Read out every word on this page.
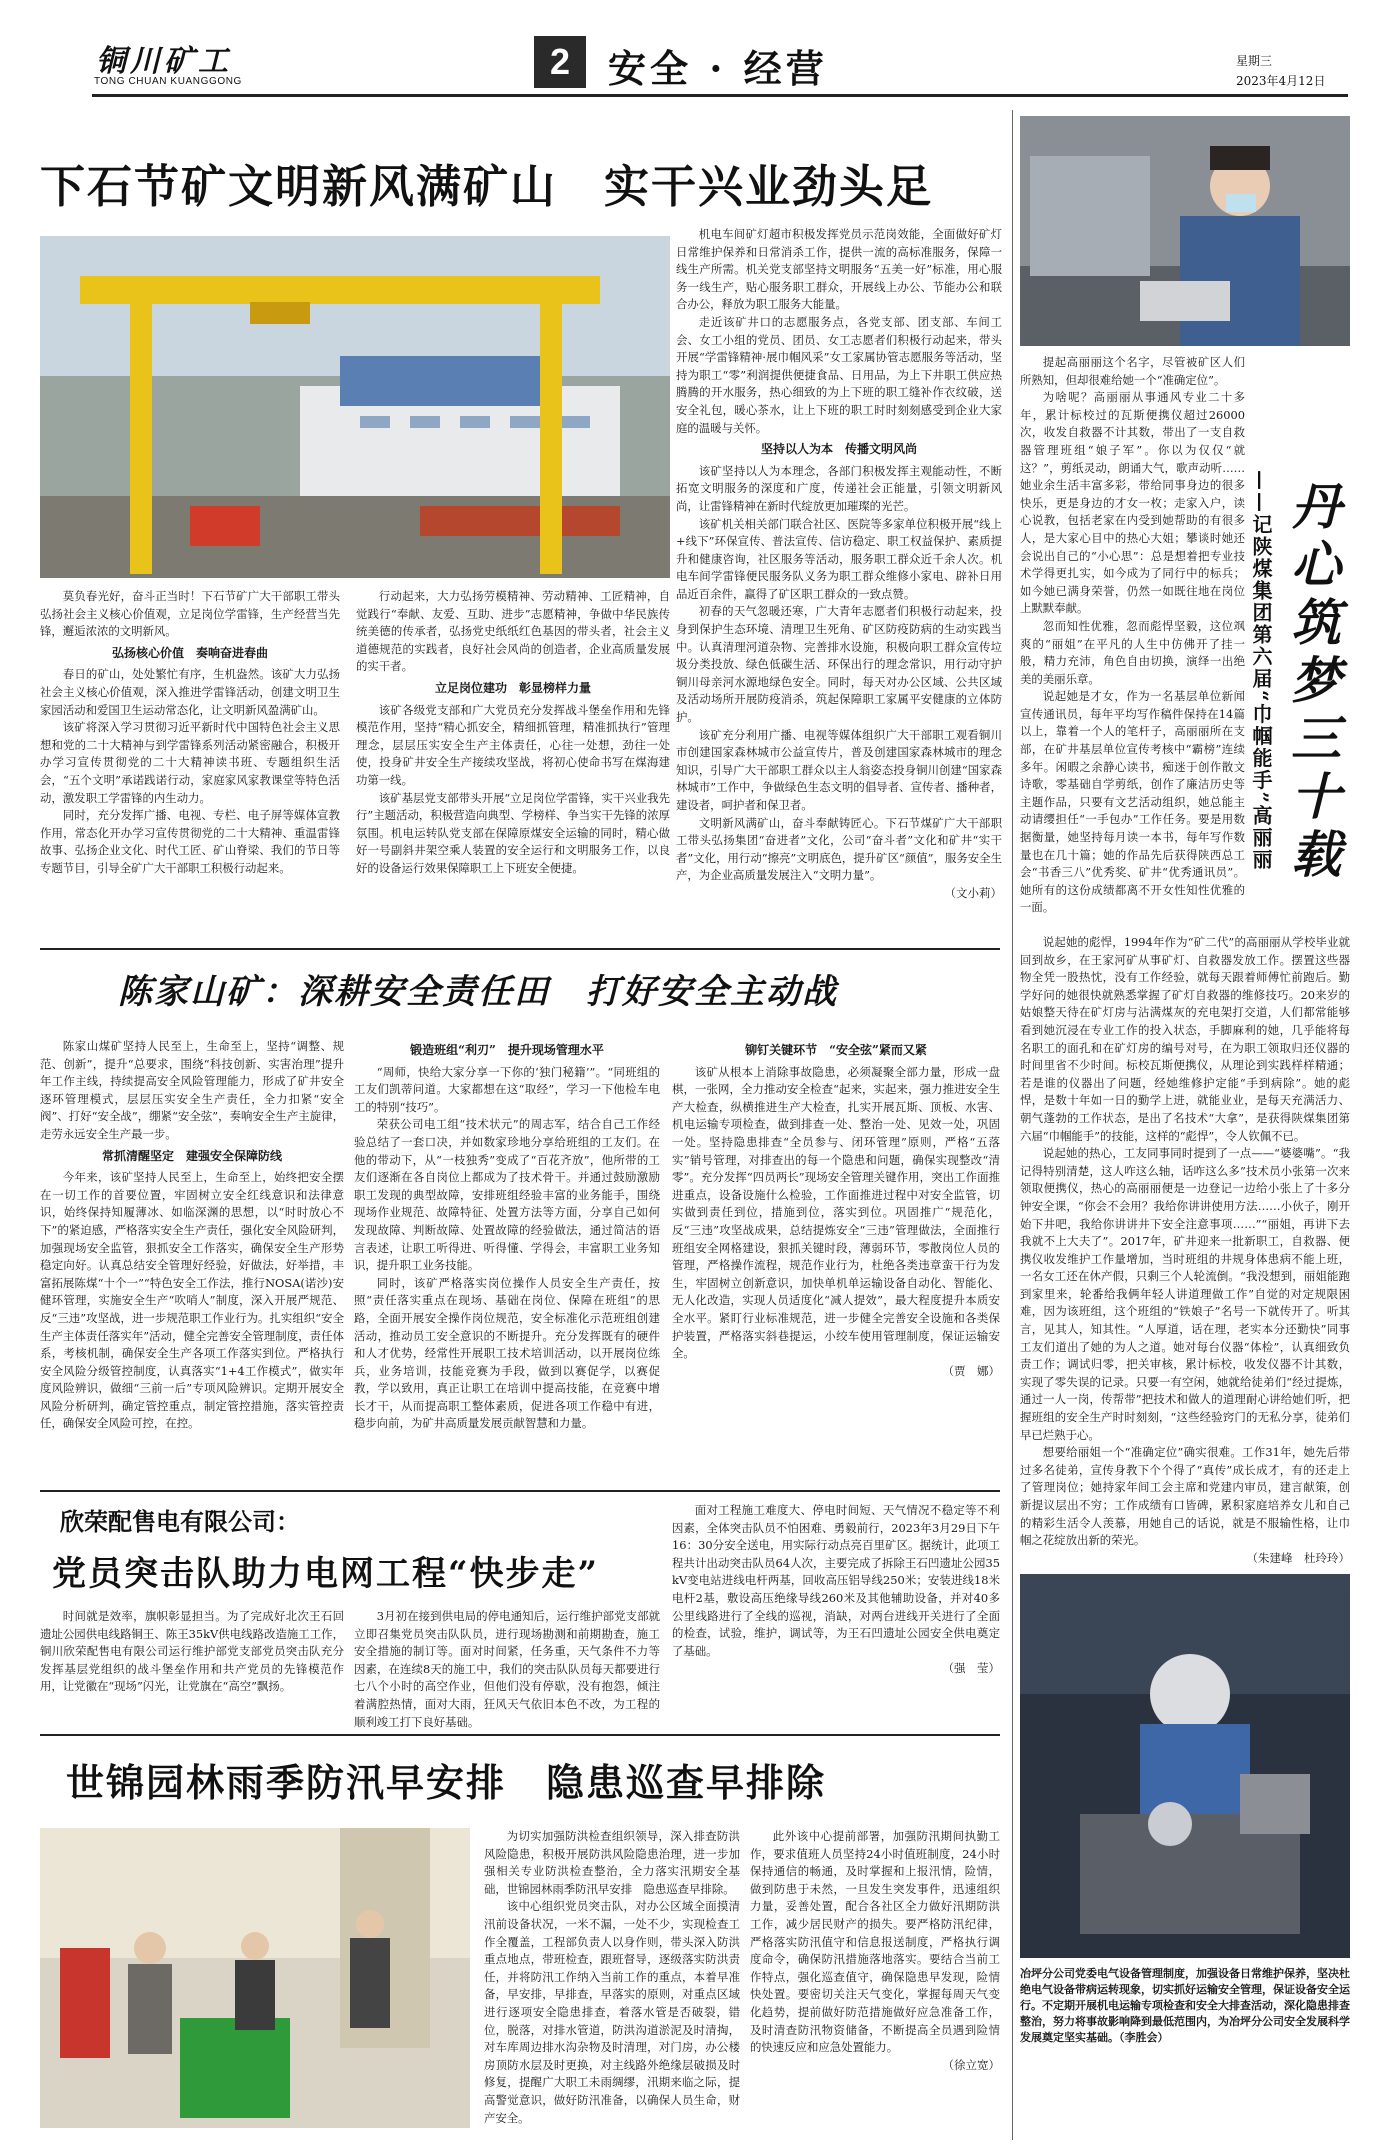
铜川矿工
TONG CHUAN KUANGGONG	2 安全 · 经营	星期三
2023年4月12日
下石节矿文明新风满矿山　实干兴业劲头足

莫负春光好，奋斗正当时！下石节矿广大干部职工带头弘扬社会主义核心价值观，立足岗位学雷锋，生产经营当先锋，邂逅浓浓的文明新风。

弘扬核心价值　奏响奋进春曲

春日的矿山，处处繁忙有序，生机盎然。该矿大力弘扬社会主义核心价值观，深入推进学雷锋活动，创建文明卫生家园活动和爱国卫生运动常态化，让文明新风盈满矿山。

该矿将深入学习贯彻习近平新时代中国特色社会主义思想和党的二十大精神与到学雷锋系列活动紧密融合，积极开办学习宣传贯彻党的二十大精神读书班、专题组织生活会，“五个文明”承诺践诺行动，家庭家风家教课堂等特色活动，激发职工学雷锋的内生动力。

同时，充分发挥广播、电视、专栏、电子屏等媒体宣教作用，常态化开办学习宣传贯彻党的二十大精神、重温雷锋故事、弘扬企业文化、时代工匠、矿山脊梁、我们的节日等专题节目，引导全矿广大干部职工积极行动起来。

行动起来，大力弘扬劳模精神、劳动精神、工匠精神，自觉践行“奉献、友爱、互助、进步”志愿精神，争做中华民族传统美德的传承者，弘扬党史纸纸红色基因的带头者，社会主义道德规范的实践者，良好社会风尚的创造者，企业高质量发展的实干者。

立足岗位建功　彰显榜样力量

该矿各级党支部和广大党员充分发挥战斗堡垒作用和先锋模范作用，坚持“精心抓安全，精细抓管理，精准抓执行”管理理念，层层压实安全生产主体责任，心往一处想，劲往一处使，投身矿井安全生产接续攻坚战，将初心使命书写在煤海建功第一线。

该矿基层党支部带头开展“立足岗位学雷锋，实干兴业我先行”主题活动，积极营造向典型、学榜样、争当实干先锋的浓厚氛围。机电运转队党支部在保障原煤安全运输的同时，精心做好一号副斜井架空乘人装置的安全运行和文明服务工作，以良好的设备运行效果保障职工上下班安全便捷。

机电车间矿灯超市积极发挥党员示范岗效能，全面做好矿灯日常维护保养和日常消杀工作，提供一流的高标准服务，保障一线生产所需。机关党支部坚持文明服务“五美一好”标准，用心服务一线生产，贴心服务职工群众，开展线上办公、节能办公和联合办公，释放为职工服务大能量。

走近该矿井口的志愿服务点，各党支部、团支部、车间工会、女工小组的党员、团员、女工志愿者们积极行动起来，带头开展“学雷锋精神·展巾帼风采”女工家属协管志愿服务等活动，坚持为职工“零”利润提供便捷食品、日用品，为上下井职工供应热腾腾的开水服务，热心细致的为上下班的职工缝补作衣纹破，送安全礼包，暖心茶水，让上下班的职工时时刻刻感受到企业大家庭的温暖与关怀。

坚持以人为本　传播文明风尚

该矿坚持以人为本理念，各部门积极发挥主观能动性，不断拓宽文明服务的深度和广度，传递社会正能量，引领文明新风尚，让雷锋精神在新时代绽放更加璀璨的光芒。

该矿机关相关部门联合社区、医院等多家单位积极开展“线上+线下”环保宣传、普法宣传、信访稳定、职工权益保护、素质提升和健康咨询，社区服务等活动，服务职工群众近千余人次。机电车间学雷锋便民服务队义务为职工群众维修小家电、辟补日用品近百余件，赢得了矿区职工群众的一致点赞。

初春的天气忽暖还寒，广大青年志愿者们积极行动起来，投身到保护生态环境、清理卫生死角、矿区防疫防病的生动实践当中。认真清理河道杂物、完善排水设施，积极向职工群众宣传垃圾分类投放、绿色低碳生活、环保出行的理念常识，用行动守护铜川母亲河水源地绿色安全。同时，每天对办公区域、公共区域及活动场所开展防疫消杀，筑起保障职工家属平安健康的立体防护。

该矿充分利用广播、电视等媒体组织广大干部职工观看铜川市创建国家森林城市公益宣传片，普及创建国家森林城市的理念知识，引导广大干部职工群众以主人翁姿态投身铜川创建“国家森林城市”工作中，争做绿色生态文明的倡导者、宣传者、播种者，建设者，呵护者和保卫者。

文明新风满矿山，奋斗奉献铸匠心。下石节煤矿广大干部职工带头弘扬集团“奋进者”文化，公司“奋斗者”文化和矿井“实干者”文化，用行动“擦亮”文明底色，提升矿区“颜值”，服务安全生产，为企业高质量发展注入“文明力量”。

（文小莉）
陈家山矿：深耕安全责任田　打好安全主动战

陈家山煤矿坚持人民至上，生命至上，坚持“调整、规范、创新”，提升“总要求，围绕“科技创新、实害治理”提升年工作主线，持续提高安全风险管理能力，形成了矿井安全逐环管理模式，层层压实安全生产责任，全力扣紧“安全阀”、打好“安全战”，绷紧“安全弦”，奏响安全生产主旋律，走劳永远安全生产最一步。

常抓清醒坚定　建强安全保障防线

今年来，该矿坚持人民至上，生命至上，始终把安全摆在一切工作的首要位置，牢固树立安全红线意识和法律意识，始终保持知履薄冰、如临深渊的思想，以“时时放心不下”的紧迫感，严格落实安全生产责任，强化安全风险研判，加强现场安全监管，狠抓安全工作落实，确保安全生产形势稳定向好。认真总结安全管理好经验，好做法，好举措，丰富拓展陈煤“十个一”“特色安全工作法，推行NOSA(诺沙)安健环管理，实施安全生产“吹哨人”制度，深入开展严规范、反“三违”攻坚战，进一步规范职工作业行为。扎实组织“安全生产主体责任落实年”活动，健全完善安全管理制度，责任体系，考核机制，确保安全生产各项工作落实到位。严格执行安全风险分级管控制度，认真落实“1+4工作模式”，做实年度风险辨识，做细“三前一后”专项风险辨识。定期开展安全风险分析研判，确定管控重点，制定管控措施，落实管控责任，确保安全风险可控，在控。

锻造班组“利刃”　提升现场管理水平

“周师，快给大家分享一下你的‘独门秘籍’”。“同班组的工友们凯蒂问道。大家都想在这“取经”，学习一下他检车电工的特别“技巧”。

荣获公司电工组“技术状元”的周志军，结合自己工作经验总结了一套口决，并如数家珍地分享给班组的工友们。在他的带动下，从“一枝独秀”变成了“百花齐放”，他所带的工友们逐渐在各自岗位上都成为了技术骨干。并通过鼓励激励职工发现的典型故障，安排班组经验丰富的业务能手，围绕现场作业规范、故障特征、处置方法等方面，分享自己如何发现故障、判断故障、处置故障的经验做法，通过简洁的语言表述，让职工听得进、听得懂、学得会，丰富职工业务知识，提升职工业务技能。

同时，该矿严格落实岗位操作人员安全生产责任，按照“责任落实重点在现场、基础在岗位、保障在班组”的思路，全面开展安全操作岗位规范，安全标准化示范班组创建活动，推动员工安全意识的不断提升。充分发挥既有的硬件和人才优势，经常性开展职工技术培训活动，以开展岗位练兵，业务培训，技能竞赛为手段，做到以赛促学，以赛促教，学以致用，真正让职工在培训中提高技能，在竞赛中增长才干，从而提高职工整体素质，促进各项工作稳中有进，稳步向前，为矿井高质量发展贡献智慧和力量。

铆钉关键环节　“安全弦”紧而又紧

该矿从根本上消除事故隐患，必须凝聚全部力量，形成一盘棋，一张网，全力推动安全检查“起来，实起来，强力推进安全生产大检查，纵横推进生产大检查，扎实开展瓦斯、顶板、水害、机电运输专项检查，做到排查一处、整治一处、见效一处，巩固一处。坚持隐患排查“全员参与、闭环管理”原则，严格“五落实”销号管理，对排查出的每一个隐患和问题，确保实现整改“清零”。充分发挥“四员两长”现场安全管理关键作用，突出工作面推进重点，设备设施什么检验，工作面推进过程中对安全监管，切实做到责任到位，措施到位，落实到位。巩固推广“规范化，反“三违”攻坚战成果，总结提炼安全“三违”管理做法，全面推行班组安全网格建设，狠抓关键时段，薄弱环节，零散岗位人员的管理，严格操作流程，规范作业行为，杜绝各类违章蛮干行为发生，牢固树立创新意识，加快单机单运输设备自动化、智能化、无人化改造，实现人员适度化“减人提效”，最大程度提升本质安全水平。紧盯行业标准规范，进一步健全完善安全设施和各类保护装置，严格落实斜巷提运，小绞车使用管理制度，保证运输安全。

（贾　娜）
欣荣配售电有限公司：
党员突击队助力电网工程“快步走”

时间就是效率，旗帜彰显担当。为了完成好北次王石回遗址公园供电线路铜王、陈王35kV供电线路改造施工工作，铜川欣荣配售电有限公司运行维护部党支部党员突击队充分发挥基层党组织的战斗堡垒作用和共产党员的先锋模范作用，让党徽在“现场”闪光，让党旗在“高空”飘扬。

3月初在接到供电局的停电通知后，运行维护部党支部就立即召集党员突击队队员，进行现场勘测和前期勘查，施工安全措施的制订等。面对时间紧，任务重，天气条件不力等因素，在连续8天的施工中，我们的突击队队员每天都要进行七八个小时的高空作业，但他们没有停歇，没有抱怨，倾注着满腔热情，面对大雨，狂风天气依旧本色不改，为工程的顺利竣工打下良好基础。

面对工程施工难度大、停电时间短、天气情况不稳定等不利因素，全体突击队员不怕困难、勇毅前行，2023年3月29日下午16：30分安全送电，用实际行动点亮百里矿区。据统计，此项工程共计出动突击队员64人次，主要完成了拆除王石凹遗址公园35kV变电站进线电杆两基，回收高压铝导线250米；安装进线18米电杆2基，敷设高压绝缘导线260米及其他辅助设备，并对40多公里线路进行了全线的巡视，消缺，对两台进线开关进行了全面的检查，试验，维护，调试等，为王石凹遗址公园安全供电奠定了基础。

（强　莹）
世锦园林雨季防汛早安排　隐患巡查早排除

为切实加强防洪检查组织领导，深入排查防洪风险隐患，积极开展防洪风险隐患治理，进一步加强相关专业防洪检查整治，全力落实汛期安全基础，世锦园林雨季防汛早安排　隐患巡查早排除。

该中心组织党员突击队，对办公区域全面摸清汛前设备状况，一米不漏，一处不少，实现检查工作全覆盖，工程部负责人以身作则，带头深入防洪重点地点，带班检查，跟班督导，逐级落实防洪责任，并将防汛工作纳入当前工作的重点，本着早准备，早安排，早排查，早落实的原则，对重点区域进行逐项安全隐患排查，着落水管是否破裂，错位，脱落，对排水管道，防洪沟道淤泥及时清掏，对车库周边排水沟杂物及时清理，对门房，办公楼房顶防水层及时更换，对主线路外绝缘层破损及时修复，提醒广大职工未雨绸缪，汛期来临之际，提高警觉意识，做好防汛准备，以确保人员生命，财产安全。

此外该中心提前部署，加强防汛期间执勤工作，要求值班人员坚持24小时值班制度，24小时保持通信的畅通，及时掌握和上报汛情，险情，做到防患于未然，一旦发生突发事件，迅速组织力量，妥善处置，配合各社区全力做好汛期防洪工作，减少居民财产的损失。要严格防汛纪律，严格落实防汛值守和信息报送制度，严格执行调度命令，确保防汛措施落地落实。要结合当前工作特点，强化巡查值守，确保隐患早发现，险情快处置。要密切关注天气变化，掌握每周天气变化趋势，提前做好防范措施做好应急准备工作，及时清查防汛物资储备，不断提高全员遇到险情的快速反应和应急处置能力。

（徐立宽）

提起高丽丽这个名字，尽管被矿区人们所熟知，但却很难给她一个“准确定位”。

为啥呢？高丽丽从事通风专业二十多年，累计标校过的瓦斯便携仪超过26000次，收发自救器不计其数，带出了一支自救器管理班组“娘子军”。你以为仅仅“就这？”，剪纸灵动，朗诵大气，歌声动听……她业余生活丰富多彩，带给同事身边的很多快乐，更是身边的才女一枚；走家入户，读心说教，包括老家在内受到她帮助的有很多人，是大家心目中的热心大姐；攀谈时她还会说出自己的“小心思”：总是想着把专业技术学得更扎实，如今成为了同行中的标兵；如今她已满身荣誉，仍然一如既往地在岗位上默默奉献。

忽而知性优雅，忽而彪悍坚毅，这位飒爽的“丽姐”在平凡的人生中仿佛开了挂一般，精力充沛，角色自由切换，演绎一出绝美的美丽乐章。

说起她是才女，作为一名基层单位新闻宣传通讯员，每年平均写作稿件保持在14篇以上，靠着一个人的笔杆子，高丽丽所在支部，在矿井基层单位宣传考核中“霸榜”连续多年。闲暇之余静心读书，痴迷于创作散文诗歌，零基础自学剪纸，创作了廉洁历史等主题作品，只要有文艺活动组织，她总能主动请缨担任“一手包办”工作任务。要是用数据衡量，她坚持每月读一本书，每年写作数量也在几十篇；她的作品先后获得陕西总工会“书香三八”优秀奖、矿井“优秀通讯员”。她所有的这份成绩都离不开女性知性优雅的一面。

——记陕煤集团第六届“巾帼能手”高丽丽 丹心筑梦三十载

说起她的彪悍，1994年作为“矿二代”的高丽丽从学校毕业就回到故乡，在王家河矿从事矿灯、自救器发放工作。摆置这些器物全凭一股热忱，没有工作经验，就每天跟着师傅忙前跑后。勤学好问的她很快就熟悉掌握了矿灯自救器的维修技巧。20来岁的姑娘整天待在矿灯房与沾满煤灰的充电架打交道，人们都常能够看到她沉浸在专业工作的投入状态，手脚麻利的她，几乎能将每名职工的面孔和在矿灯房的编号对号，在为职工领取归还仪器的时间里省不少时间。标校瓦斯便携仪，从理论到实践样样精通；若是谁的仪器出了问题，经她维修护定能“手到病除”。她的彪悍，是数十年如一日的勤学上进，就能业业，是每天充满活力、朝气蓬勃的工作状态，是出了名技术“大拿”，是获得陕煤集团第六届“巾帼能手”的技能，这样的“彪悍”，令人钦佩不已。

说起她的热心，工友同事同时提到了一点——“婆婆嘴”。“我记得特别清楚，这人咋这么轴，话咋这么多”技术员小张第一次来领取便携仪，热心的高丽丽便是一边登记一边给小张上了十多分钟安全课，“你会不会用？我给你讲讲使用方法……小伙子，刚开始下井吧，我给你讲讲井下安全注意事项……”“丽姐，再讲下去我就不上大夫了”。2017年，矿井迎来一批新职工，自救器、便携仪收发维护工作量增加，当时班组的井规身体患病不能上班，一名女工还在休产假，只剩三个人轮流倒。“我没想到，丽姐能跑到家里来，轮番给我俩年轻人讲道理做工作”自觉的对定规限困难，因为该班组，这个班组的“铁娘子”名号一下就传开了。听其言，见其人，知其性。“人厚道，话在理，老实本分还勤快”同事工友们道出了她的为人之道。她对每台仪器“体检”，认真细致负责工作；调试归零，把关审核，累计标校，收发仪器不计其数，实现了零失误的记录。只要一有空闲，她就给徒弟们“经过提炼，通过一人一岗，传帮带”把技术和做人的道理耐心讲给她们听，把握班组的安全生产时时刻刻，“这些经验窍门的无私分享，徒弟们早已烂熟于心。

想要给丽姐一个“准确定位”确实很难。工作31年，她先后带过多名徒弟，宣传身教下个个得了“真传”成长成才，有的还走上了管理岗位；她持家年间工会主席和党建内审员，建言献策，创新提议层出不穷；工作成绩有口皆碑，累积家庭培养女儿和自己的精彩生活令人羡慕，用她自己的话说，就是不服输性格，让巾帼之花绽放出新的荣光。

（朱建峰　杜玲玲）
冶坪分公司党委电气设备管理制度，加强设备日常维护保养，坚决杜绝电气设备带病运转现象，切实抓好运输安全管理，保证设备安全运行。不定期开展机电运输专项检查和安全大排查活动，深化隐患排查整治，努力将事故影响降到最低范围内，为冶坪分公司安全发展科学发展奠定坚实基础。（李胜会）
